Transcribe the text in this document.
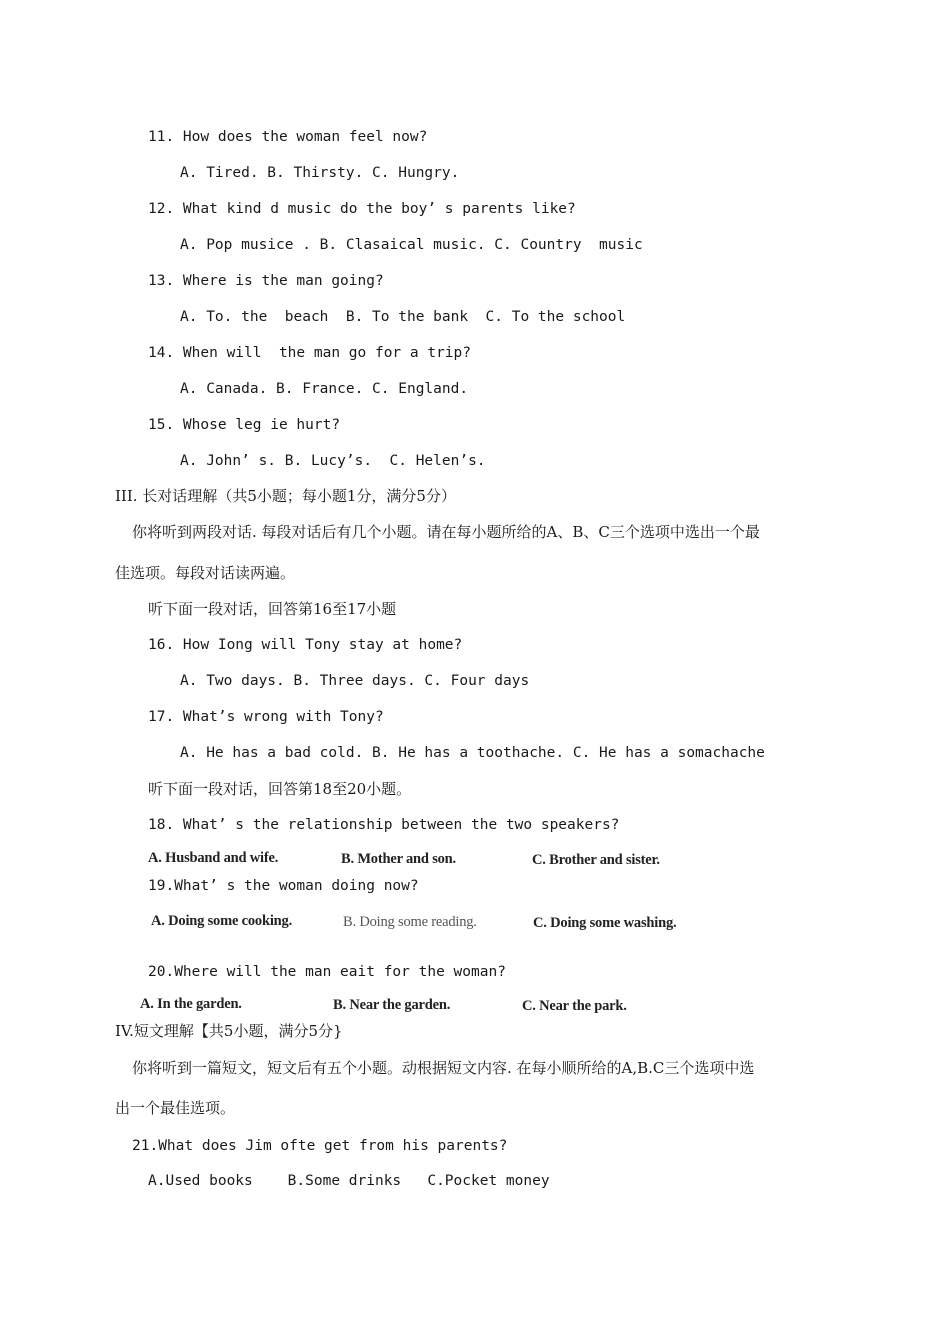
11. How does the woman feel now?
A. Tired. B. Thirsty. C. Hungry.
12. What kind d music do the boy’ s parents like?
A. Pop musice . B. Clasaical music. C. Country  music
13. Where is the man going?
A. To. the  beach  B. To the bank  C. To the school
14. When will  the man go for a trip?
A. Canada. B. France. C. England.
15. Whose leg ie hurt?
A. John’ s. B. Lucy’s.  C. Helen’s.
III. 长对话理解（共5小题；每小题1分，满分5分）
你将听到两段对话. 每段对话后有几个小题。请在每小题所给的A、B、C三个选项中选出一个最
佳选项。每段对话读两遍。
听下面一段对话，回答第16至17小题
16. How Iong will Tony stay at home?
A. Two days. B. Three days. C. Four days
17. What’s wrong with Tony?
A. He has a bad cold. B. He has a toothache. C. He has a somachache
听下面一段对话，回答第18至20小题。
18. What’ s the relationship between the two speakers?
A. Husband and wife.	B. Mother and son.	C. Brother and sister.
19.What’ s the woman doing now?
A. Doing some cooking.	B. Doing some reading.	C. Doing some washing.
20.Where will the man eait for the woman?
A. In the garden.	B. Near the garden.	C. Near the park.
IV.短文理解【共5小题，满分5分}
你将听到一篇短文，短文后有五个小题。动根据短文内容. 在每小顺所给的A,B.C三个选项中选
出一个最佳选项。
21.What does Jim ofte get from his parents?
A.Used books    B.Some drinks   C.Pocket money
